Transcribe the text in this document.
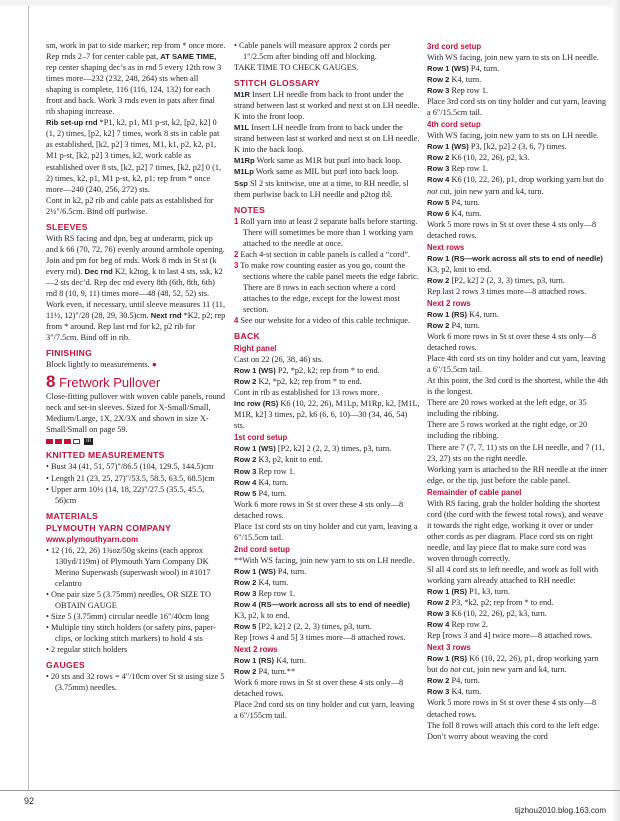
sm, work in pat to side marker; rep from * once more. Rep rnds 2–7 for center cable pat, AT SAME TIME, rep center shaping dec’s as in rnd 5 every 12th row 3 times more—232 (232, 248, 264) sts when all shaping is complete, 116 (116, 124, 132) for each front and back. Work 3 rnds even in pats after final rib shaping increase.

Rib set-up rnd *P1, k2, p1, M1 p-st, k2, [p2, k2] 0 (1, 2) times, [p2, k2] 7 times, work 8 sts in cable pat as established, [k2, p2] 3 times, M1, k1, p2, k2, p1, M1 p-st, [k2, p2] 3 times, k2, work cable as established over 8 sts, [k2, p2] 7 times, [k2, p2] 0 (1, 2) times, k2, p1, M1 p-st, k2, p1; rep from * once more—240 (240, 256, 272) sts.

Cont in k2, p2 rib and cable pats as established for 2½"/6.5cm. Bind off purlwise.

SLEEVES

With RS facing and dpn, beg at underarm, pick up and k 66 (70, 72, 76) evenly around armhole opening. Join and pm for beg of rnds. Work 8 rnds in St st (k every rnd). Dec rnd K2, k2tog, k to last 4 sts, ssk, k2—2 sts dec’d. Rep dec rnd every 8th (6th, 8th, 6th) rnd 8 (10, 9, 11) times more—48 (48, 52, 52) sts. Work even, if necessary, until sleeve measures 11 (11, 11½, 12)"/28 (28, 29, 30.5)cm. Next rnd *K2, p2; rep from * around. Rep last rnd for k2, p2 rib for 3"/7.5cm. Bind off in rib.

FINISHING

Block lightly to measurements. ●

8 Fretwork Pullover

Close-fitting pullover with woven cable panels, round neck and set-in sleeves. Sized for X-Small/Small, Medium/Large, 1X, 2X/3X and shown in size X-Small/Small on page 59.

III
KNITTED MEASUREMENTS

• Bust 34 (41, 51, 57)"/86.5 (104, 129.5, 144.5)cm

• Length 21 (23, 25, 27)"/53.5, 58.5, 63.5, 68.5)cm

• Upper arm 10½ (14, 18, 22)"/27.5 (35.5, 45.5, 56)cm

MATERIALS
PLYMOUTH YARN COMPANY
www.plymouthyarn.com

• 12 (16, 22, 26) 1¾oz/50g skeins (each approx 130yd/119m) of Plymouth Yarn Company DK Merino Superwash (superwash wool) in #1017 celantro

• One pair size 5 (3.75mm) needles, OR SIZE TO OBTAIN GAUGE

• Size 5 (3.75mm) circular needle 16"/40cm long

• Multiple tiny stitch holders (or safety pins, paper-clips, or locking stitch markers) to hold 4 sts

• 2 regular stitch holders

GAUGES

• 20 sts and 32 rows = 4"/10cm over St st using size 5 (3.75mm) needles.

• Cable panels will measure approx 2 cords per 1"/2.5cm after binding off and blocking.

TAKE TIME TO CHECK GAUGES.

STITCH GLOSSARY

M1R Insert LH needle from back to front under the strand between last st worked and next st on LH needle. K into the front loop.

M1L Insert LH needle from front to back under the strand between last st worked and next st on LH needle. K into the back loop.

M1Rp Work same as M1R but purl into back loop.

M1Lp Work same as MIL but purl into back loop.

Ssp Sl 2 sts knitwise, one at a time, to RH needle, sl them purlwise back to LH needle and p2tog tbl.

NOTES

1 Roll yarn into at least 2 separate balls before starting. There will sometimes be more than 1 working yarn attached to the needle at once.

2 Each 4-st section in cable panels is called a “cord”.

3 To make row counting easier as you go, count the sections where the cable panel meets the edge fabric. There are 8 rows in each section where a cord attaches to the edge, except for the lowest most section.

4 See our website for a video of this cable technique.

BACK
Right panel

Cast on 22 (26, 38, 46) sts.

Row 1 (WS) P2, *p2, k2; rep from * to end.

Row 2 K2, *p2, k2; rep from * to end.

Cont in rib as established for 13 rows more.

Inc row (RS) K6 (10, 22, 26), M1Lp, M1Rp, k2, [M1L, M1R, k2] 3 times, p2, k6 (6, 6, 10)—30 (34, 46, 54) sts.

1st cord setup

Row 1 (WS) [P2, k2] 2 (2, 2, 3) times, p3, turn.

Row 2 K3, p2, knit to end.

Row 3 Rep row 1.

Row 4 K4, turn.

Row 5 P4, turn.

Work 6 more rows in St st over these 4 sts only—8 detached rows.

Place 1st cord sts on tiny holder and cut yarn, leaving a 6"/15.5cm tail.

2nd cord setup

**With WS facing, join new yarn to sts on LH needle.

Row 1 (WS) P4, turn.

Row 2 K4, turn.

Row 3 Rep row 1.

Row 4 (RS—work across all sts to end of needle) K3, p2, k to end.

Row 5 [P2, k2] 2 (2, 2, 3) times, p3, turn.

Rep [rows 4 and 5] 3 times more—8 attached rows.

Next 2 rows

Row 1 (RS) K4, turn.

Row 2 P4, turn.**

Work 6 more rows in St st over these 4 sts only—8 detached rows.

Place 2nd cord sts on tiny holder and cut yarn, leaving a 6"/155cm tail.

3rd cord setup

With WS facing, join new yarn to sts on LH needle.

Row 1 (WS) P4, turn.

Row 2 K4, turn.

Row 3 Rep row 1.

Place 3rd cord sts on tiny holder and cut yarn, leaving a 6"/15.5cm tail.

4th cord setup

With WS facing, join new yarn to sts on LH needle.

Row 1 (WS) P3, [k2, p2] 2 (3, 6, 7) times.

Row 2 K6 (10, 22, 26), p2, k3.

Row 3 Rep row 1.

Row 4 K6 (10, 22, 26), p1, drop working yarn but do not cut, join new yarn and k4, turn.

Row 5 P4, turn.

Row 6 K4, turn.

Work 5 more rows in St st over these 4 sts only—8 detached rows.

Next rows

Row 1 (RS—work across all sts to end of needle) K3, p2, knit to end.

Row 2 [P2, k2] 2 (2, 3, 3) times, p3, turn.

Rep last 2 rows 3 times more—8 attached rows.

Next 2 rows

Row 1 (RS) K4, turn.

Row 2 P4, turn.

Work 6 more rows in St st over these 4 sts only—8 detached rows.

Place 4th cord sts on tiny holder and cut yarn, leaving a 6"/15.5cm tail.

At this point, the 3rd cord is the shortest, while the 4th is the longest.

There are 20 rows worked at the left edge, or 35 including the ribbing.

There are 5 rows worked at the right edge, or 20 including the ribbing.

There are 7 (7, 7, 11) sts on the LH needle, and 7 (11, 23, 27) sts on the right needle.

Working yarn is attached to the RH needle at the inner edge, or the tip, just before the cable panel.

Remainder of cable panel

With RS facing, grab the holder holding the shortest cord (the cord with the fewest total rows), and weave it towards the right edge, working it over or under other cords as per diagram. Place cord sts on right needle, and lay piece flat to make sure cord was woven through correctly.

Sl all 4 cord sts to left needle, and work as foll with working yarn already attached to RH needle:

Row 1 (RS) P1, k3, turn.

Row 2 P3, *k2, p2; rep from * to end.

Row 3 K6 (10, 22, 26), p2, k3, turn.

Row 4 Rep row 2.

Rep [rows 3 and 4] twice more—8 attached rows.

Next 3 rows

Row 1 (RS) K6 (10, 22, 26), p1, drop working yarn but do not cut, join new yarn and k4, turn.

Row 2 P4, turn.

Row 3 K4, turn.

Work 5 more rows in St st over these 4 sts only—8 detached rows.

The foll 8 rows will attach this cord to the left edge. Don’t worry about weaving the cord

92
tijzhou2010.blog.163.com
